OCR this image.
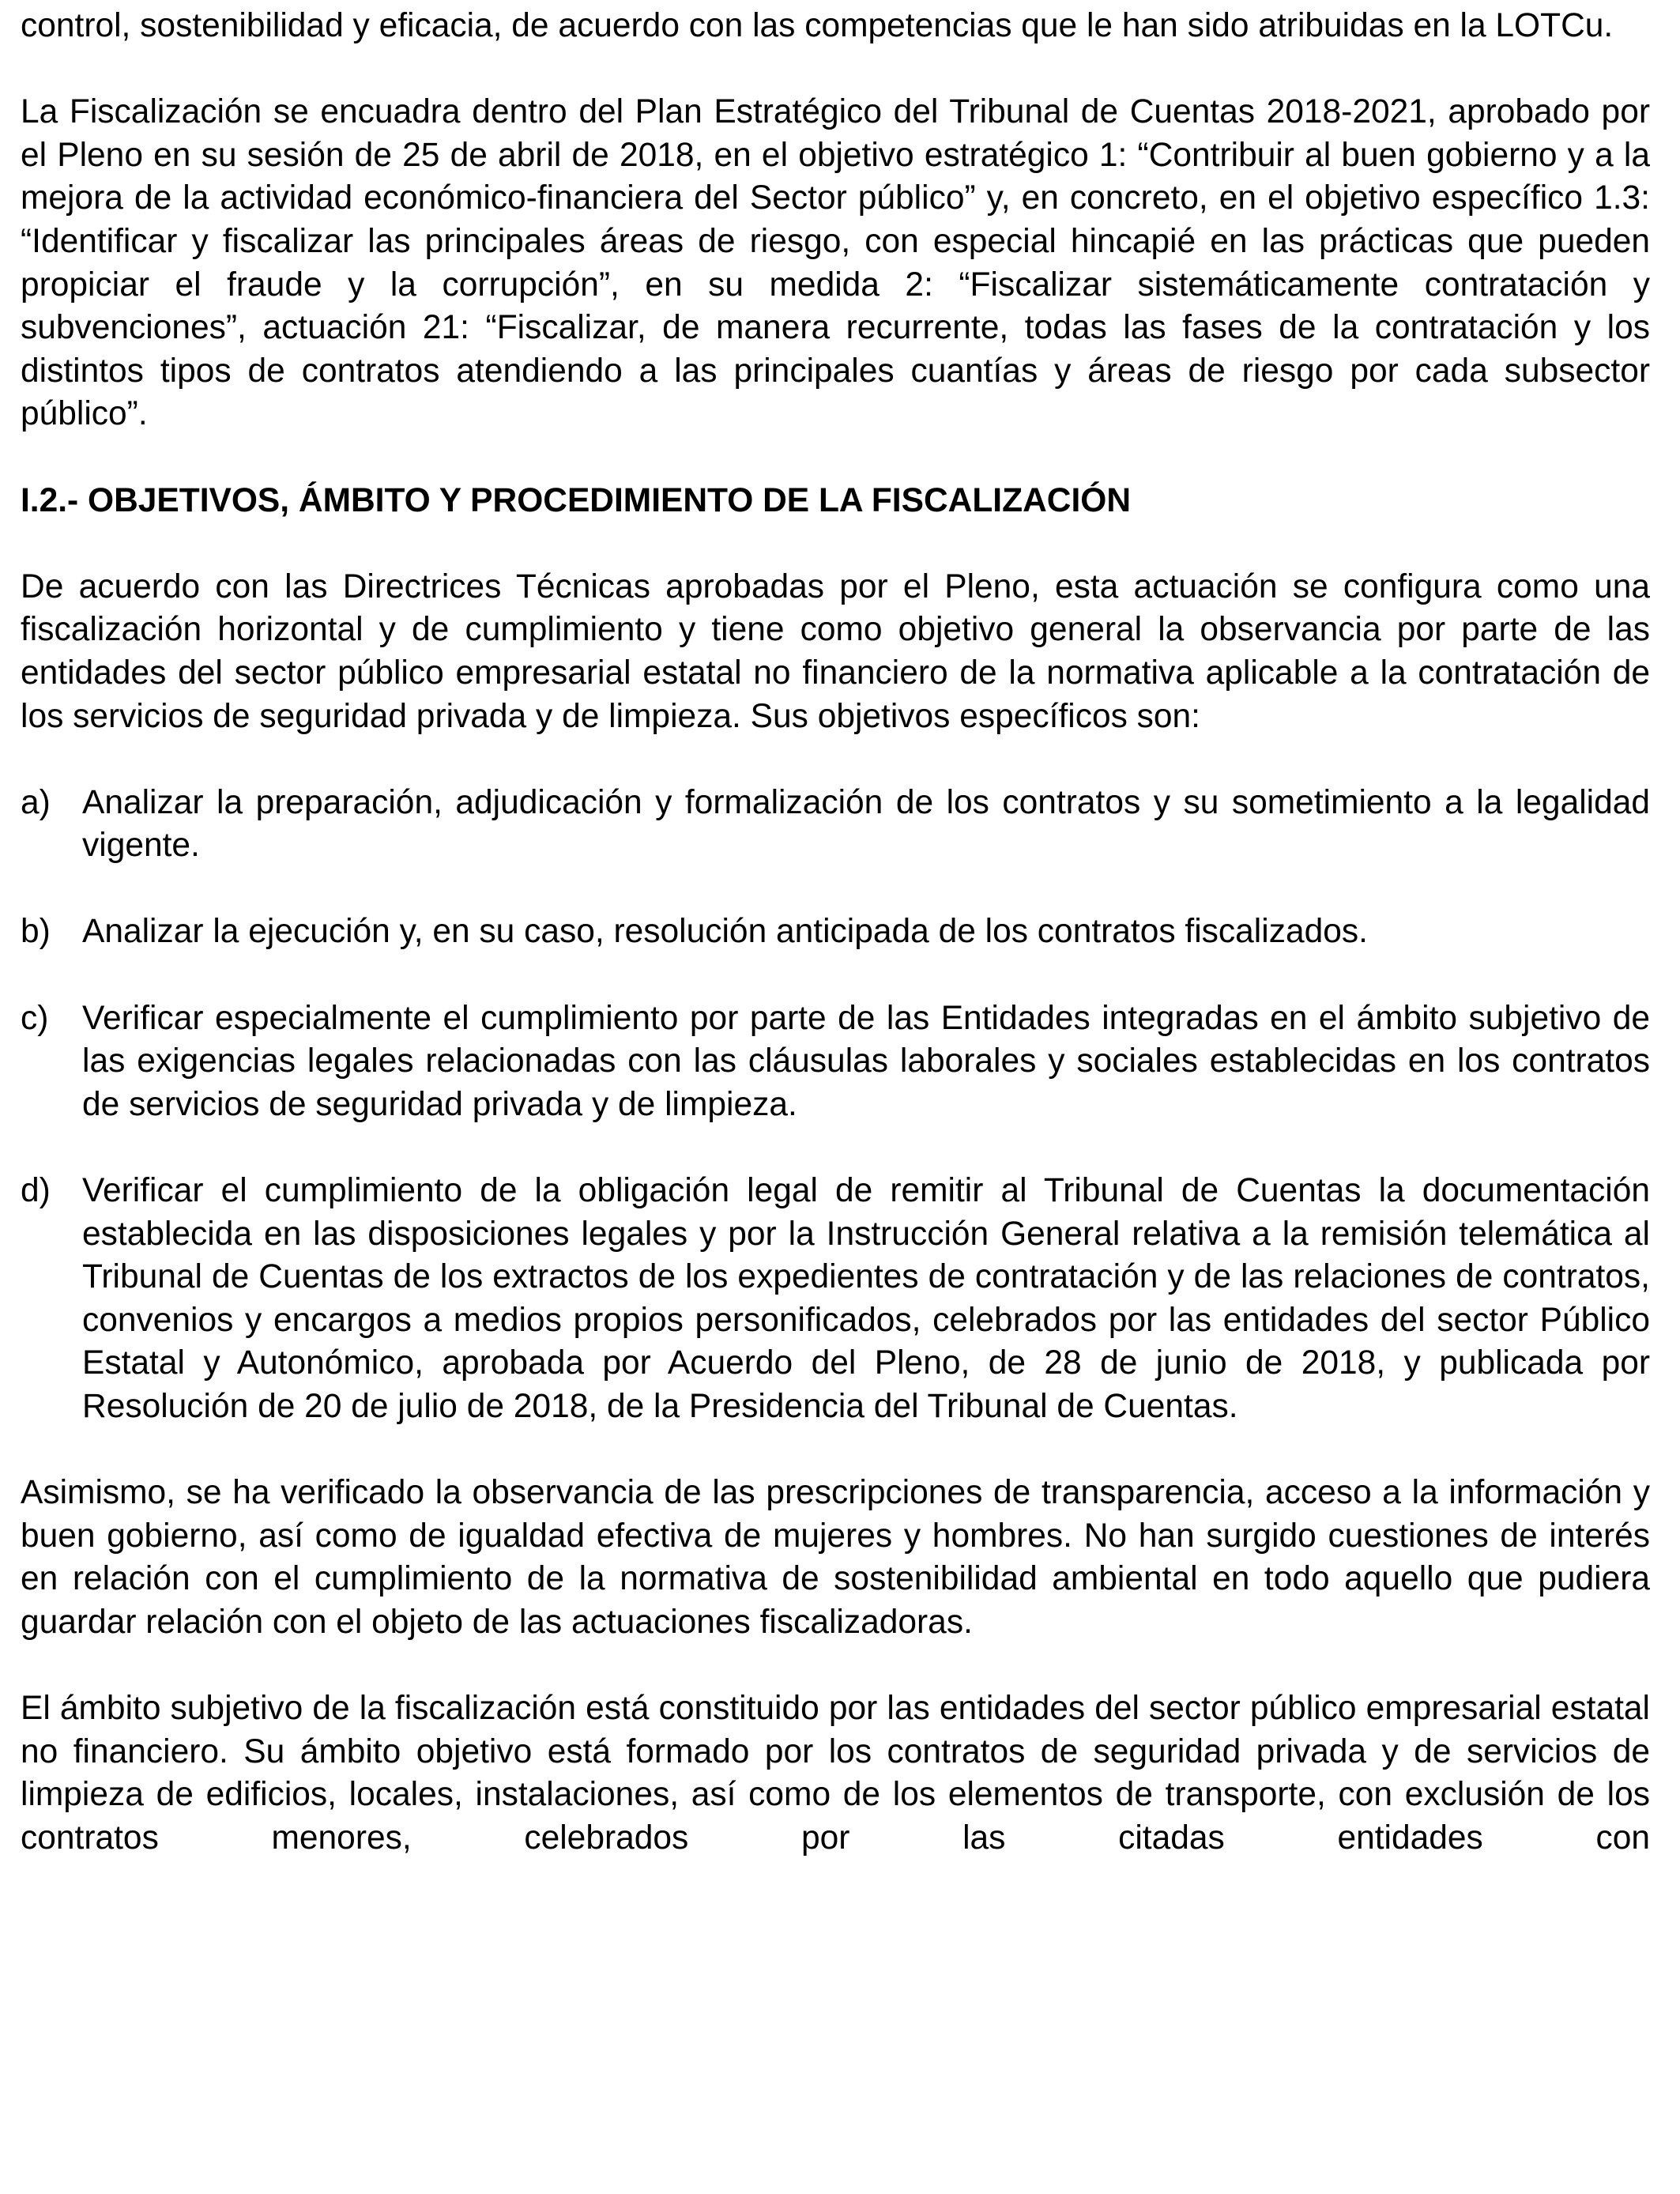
control, sostenibilidad y eficacia, de acuerdo con las competencias que le han sido atribuidas en la LOTCu.

La Fiscalización se encuadra dentro del Plan Estratégico del Tribunal de Cuentas 2018-2021, aprobado por el Pleno en su sesión de 25 de abril de 2018, en el objetivo estratégico 1: “Contribuir al buen gobierno y a la mejora de la actividad económico-financiera del Sector público” y, en concreto, en el objetivo específico 1.3: “Identificar y fiscalizar las principales áreas de riesgo, con especial hincapié en las prácticas que pueden propiciar el fraude y la corrupción”, en su medida 2: “Fiscalizar sistemáticamente contratación y subvenciones”, actuación 21: “Fiscalizar, de manera recurrente, todas las fases de la contratación y los distintos tipos de contratos atendiendo a las principales cuantías y áreas de riesgo por cada subsector público”.

I.2.- OBJETIVOS, ÁMBITO Y PROCEDIMIENTO DE LA FISCALIZACIÓN

De acuerdo con las Directrices Técnicas aprobadas por el Pleno, esta actuación se configura como una fiscalización horizontal y de cumplimiento y tiene como objetivo general la observancia por parte de las entidades del sector público empresarial estatal no financiero de la normativa aplicable a la contratación de los servicios de seguridad privada y de limpieza. Sus objetivos específicos son:

a) Analizar la preparación, adjudicación y formalización de los contratos y su sometimiento a la legalidad vigente.
b) Analizar la ejecución y, en su caso, resolución anticipada de los contratos fiscalizados.
c)	Verificar especialmente el cumplimiento por parte de las Entidades integradas en el ámbito subjetivo de las exigencias legales relacionadas con las cláusulas laborales y sociales establecidas en los contratos de servicios de seguridad privada y de limpieza.
d) Verificar el cumplimiento de la obligación legal de remitir al Tribunal de Cuentas la documentación establecida en las disposiciones legales y por la Instrucción General relativa a la remisión telemática al Tribunal de Cuentas de los extractos de los expedientes de contratación y de las relaciones de contratos, convenios y encargos a medios propios personificados, celebrados por las entidades del sector Público Estatal y Autonómico, aprobada por Acuerdo del Pleno, de 28 de junio de 2018, y publicada por Resolución de 20 de julio de 2018, de la Presidencia del Tribunal de Cuentas.

Asimismo, se ha verificado la observancia de las prescripciones de transparencia, acceso a la información y buen gobierno, así como de igualdad efectiva de mujeres y hombres. No han surgido cuestiones de interés en relación con el cumplimiento de la normativa de sostenibilidad ambiental en todo aquello que pudiera guardar relación con el objeto de las actuaciones fiscalizadoras.

El ámbito subjetivo de la fiscalización está constituido por las entidades del sector público empresarial estatal no financiero. Su ámbito objetivo está formado por los contratos de seguridad privada y de servicios de limpieza de edificios, locales, instalaciones, así como de los elementos de transporte, con exclusión de los contratos menores, celebrados por las citadas entidades con
